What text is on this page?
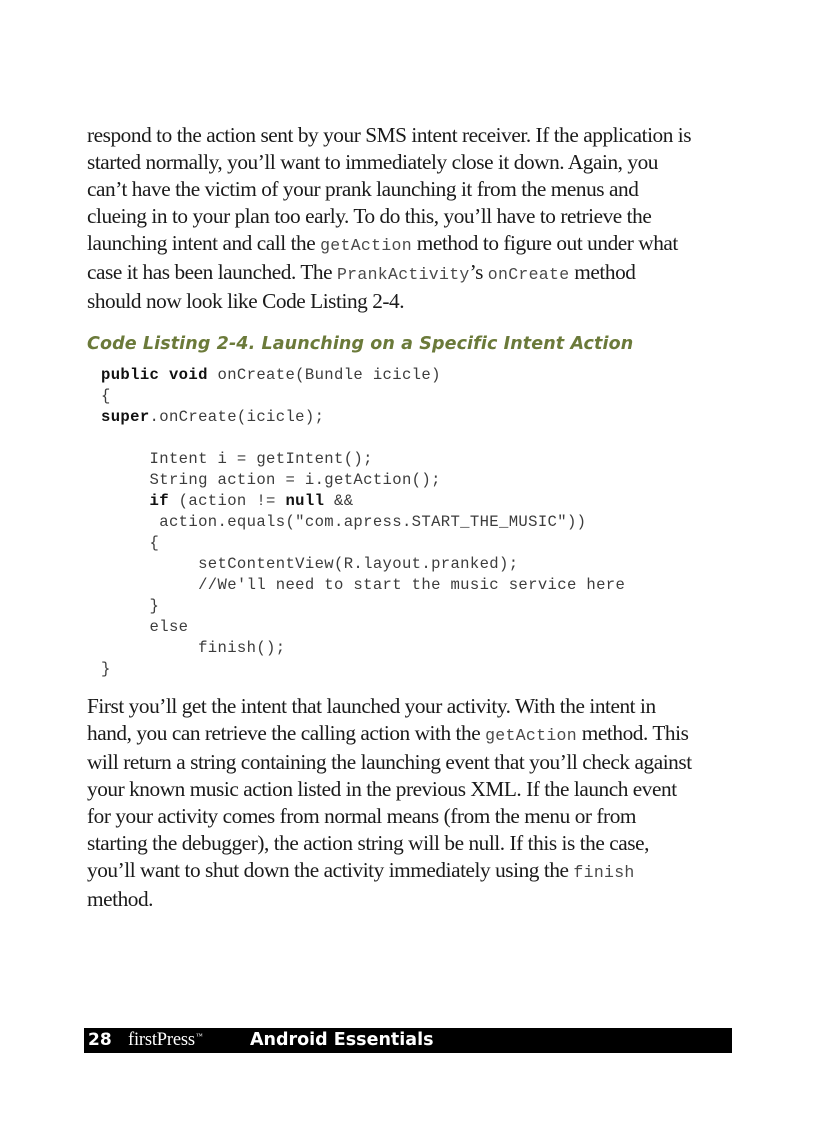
respond to the action sent by your SMS intent receiver. If the application is
started normally, you’ll want to immediately close it down. Again, you
can’t have the victim of your prank launching it from the menus and
clueing in to your plan too early. To do this, you’ll have to retrieve the
launching intent and call the getAction method to figure out under what
case it has been launched. The PrankActivity’s onCreate method
should now look like Code Listing 2-4.

Code Listing 2-4. Launching on a Specific Intent Action

public void onCreate(Bundle icicle)
{
super.onCreate(icicle);
Intent i = getIntent();
String action = i.getAction();
if (action != null &&
action.equals("com.apress.START_THE_MUSIC"))
{
setContentView(R.layout.pranked);
//We'll need to start the music service here
}
else
finish();
}
First you’ll get the intent that launched your activity. With the intent in
hand, you can retrieve the calling action with the getAction method. This
will return a string containing the launching event that you’ll check against
your known music action listed in the previous XML. If the launch event
for your activity comes from normal means (from the menu or from
starting the debugger), the action string will be null. If this is the case,
you’ll want to shut down the activity immediately using the finish
method.
28 firstPress™	Android Essentials
